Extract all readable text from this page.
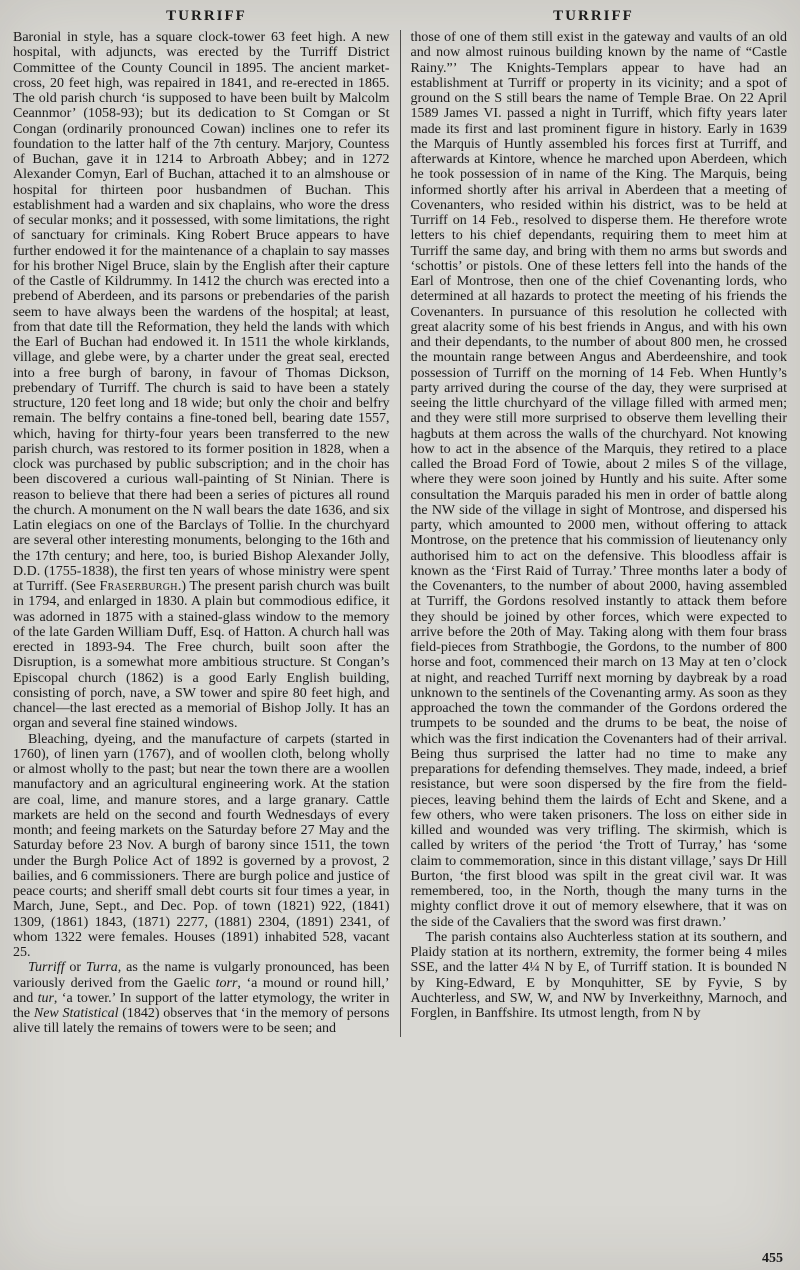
TURRIFF	TURRIFF

Baronial in style, has a square clock-tower 63 feet high. A new hospital, with adjuncts, was erected by the Turriff District Committee of the County Council in 1895. The ancient market-cross, 20 feet high, was repaired in 1841, and re-erected in 1865. The old parish church ‘is supposed to have been built by Malcolm Ceannmor’ (1058-93); but its dedication to St Comgan or St Congan (ordinarily pronounced Cowan) inclines one to refer its foundation to the latter half of the 7th century. Marjory, Countess of Buchan, gave it in 1214 to Arbroath Abbey; and in 1272 Alexander Comyn, Earl of Buchan, attached it to an almshouse or hospital for thirteen poor husbandmen of Buchan. This establishment had a warden and six chaplains, who wore the dress of secular monks; and it possessed, with some limitations, the right of sanctuary for criminals. King Robert Bruce appears to have further endowed it for the maintenance of a chaplain to say masses for his brother Nigel Bruce, slain by the English after their capture of the Castle of Kildrummy. In 1412 the church was erected into a prebend of Aberdeen, and its parsons or prebendaries of the parish seem to have always been the wardens of the hospital; at least, from that date till the Reformation, they held the lands with which the Earl of Buchan had endowed it. In 1511 the whole kirklands, village, and glebe were, by a charter under the great seal, erected into a free burgh of barony, in favour of Thomas Dickson, prebendary of Turriff. The church is said to have been a stately structure, 120 feet long and 18 wide; but only the choir and belfry remain. The belfry contains a fine-toned bell, bearing date 1557, which, having for thirty-four years been transferred to the new parish church, was restored to its former position in 1828, when a clock was purchased by public subscription; and in the choir has been discovered a curious wall-painting of St Ninian. There is reason to believe that there had been a series of pictures all round the church. A monument on the N wall bears the date 1636, and six Latin elegiacs on one of the Barclays of Tollie. In the churchyard are several other interesting monuments, belonging to the 16th and the 17th century; and here, too, is buried Bishop Alexander Jolly, D.D. (1755-1838), the first ten years of whose ministry were spent at Turriff. (See Fraserburgh.) The present parish church was built in 1794, and enlarged in 1830. A plain but commodious edifice, it was adorned in 1875 with a stained-glass window to the memory of the late Garden William Duff, Esq. of Hatton. A church hall was erected in 1893-94. The Free church, built soon after the Disruption, is a somewhat more ambitious structure. St Congan’s Episcopal church (1862) is a good Early English building, consisting of porch, nave, a SW tower and spire 80 feet high, and chancel—the last erected as a memorial of Bishop Jolly. It has an organ and several fine stained windows.

Bleaching, dyeing, and the manufacture of carpets (started in 1760), of linen yarn (1767), and of woollen cloth, belong wholly or almost wholly to the past; but near the town there are a woollen manufactory and an agricultural engineering work. At the station are coal, lime, and manure stores, and a large granary. Cattle markets are held on the second and fourth Wednesdays of every month; and feeing markets on the Saturday before 27 May and the Saturday before 23 Nov. A burgh of barony since 1511, the town under the Burgh Police Act of 1892 is governed by a provost, 2 bailies, and 6 commissioners. There are burgh police and justice of peace courts; and sheriff small debt courts sit four times a year, in March, June, Sept., and Dec. Pop. of town (1821) 922, (1841) 1309, (1861) 1843, (1871) 2277, (1881) 2304, (1891) 2341, of whom 1322 were females. Houses (1891) inhabited 528, vacant 25.

Turriff or Turra, as the name is vulgarly pronounced, has been variously derived from the Gaelic torr, ‘a mound or round hill,’ and tur, ‘a tower.’ In support of the latter etymology, the writer in the New Statistical (1842) observes that ‘in the memory of persons alive till lately the remains of towers were to be seen; and

those of one of them still exist in the gateway and vaults of an old and now almost ruinous building known by the name of “Castle Rainy.”’ The Knights-Templars appear to have had an establishment at Turriff or property in its vicinity; and a spot of ground on the S still bears the name of Temple Brae. On 22 April 1589 James VI. passed a night in Turriff, which fifty years later made its first and last prominent figure in history. Early in 1639 the Marquis of Huntly assembled his forces first at Turriff, and afterwards at Kintore, whence he marched upon Aberdeen, which he took possession of in name of the King. The Marquis, being informed shortly after his arrival in Aberdeen that a meeting of Covenanters, who resided within his district, was to be held at Turriff on 14 Feb., resolved to disperse them. He therefore wrote letters to his chief dependants, requiring them to meet him at Turriff the same day, and bring with them no arms but swords and ‘schottis’ or pistols. One of these letters fell into the hands of the Earl of Montrose, then one of the chief Covenanting lords, who determined at all hazards to protect the meeting of his friends the Covenanters. In pursuance of this resolution he collected with great alacrity some of his best friends in Angus, and with his own and their dependants, to the number of about 800 men, he crossed the mountain range between Angus and Aberdeenshire, and took possession of Turriff on the morning of 14 Feb. When Huntly’s party arrived during the course of the day, they were surprised at seeing the little churchyard of the village filled with armed men; and they were still more surprised to observe them levelling their hagbuts at them across the walls of the churchyard. Not knowing how to act in the absence of the Marquis, they retired to a place called the Broad Ford of Towie, about 2 miles S of the village, where they were soon joined by Huntly and his suite. After some consultation the Marquis paraded his men in order of battle along the NW side of the village in sight of Montrose, and dispersed his party, which amounted to 2000 men, without offering to attack Montrose, on the pretence that his commission of lieutenancy only authorised him to act on the defensive. This bloodless affair is known as the ‘First Raid of Turray.’ Three months later a body of the Covenanters, to the number of about 2000, having assembled at Turriff, the Gordons resolved instantly to attack them before they should be joined by other forces, which were expected to arrive before the 20th of May. Taking along with them four brass field-pieces from Strathbogie, the Gordons, to the number of 800 horse and foot, commenced their march on 13 May at ten o’clock at night, and reached Turriff next morning by daybreak by a road unknown to the sentinels of the Covenanting army. As soon as they approached the town the commander of the Gordons ordered the trumpets to be sounded and the drums to be beat, the noise of which was the first indication the Covenanters had of their arrival. Being thus surprised the latter had no time to make any preparations for defending themselves. They made, indeed, a brief resistance, but were soon dispersed by the fire from the field-pieces, leaving behind them the lairds of Echt and Skene, and a few others, who were taken prisoners. The loss on either side in killed and wounded was very trifling. The skirmish, which is called by writers of the period ‘the Trott of Turray,’ has ‘some claim to commemoration, since in this distant village,’ says Dr Hill Burton, ‘the first blood was spilt in the great civil war. It was remembered, too, in the North, though the many turns in the mighty conflict drove it out of memory elsewhere, that it was on the side of the Cavaliers that the sword was first drawn.’

The parish contains also Auchterless station at its southern, and Plaidy station at its northern, extremity, the former being 4 miles SSE, and the latter 4¼ N by E, of Turriff station. It is bounded N by King-Edward, E by Monquhitter, SE by Fyvie, S by Auchterless, and SW, W, and NW by Inverkeithny, Marnoch, and Forglen, in Banffshire. Its utmost length, from N by

455
